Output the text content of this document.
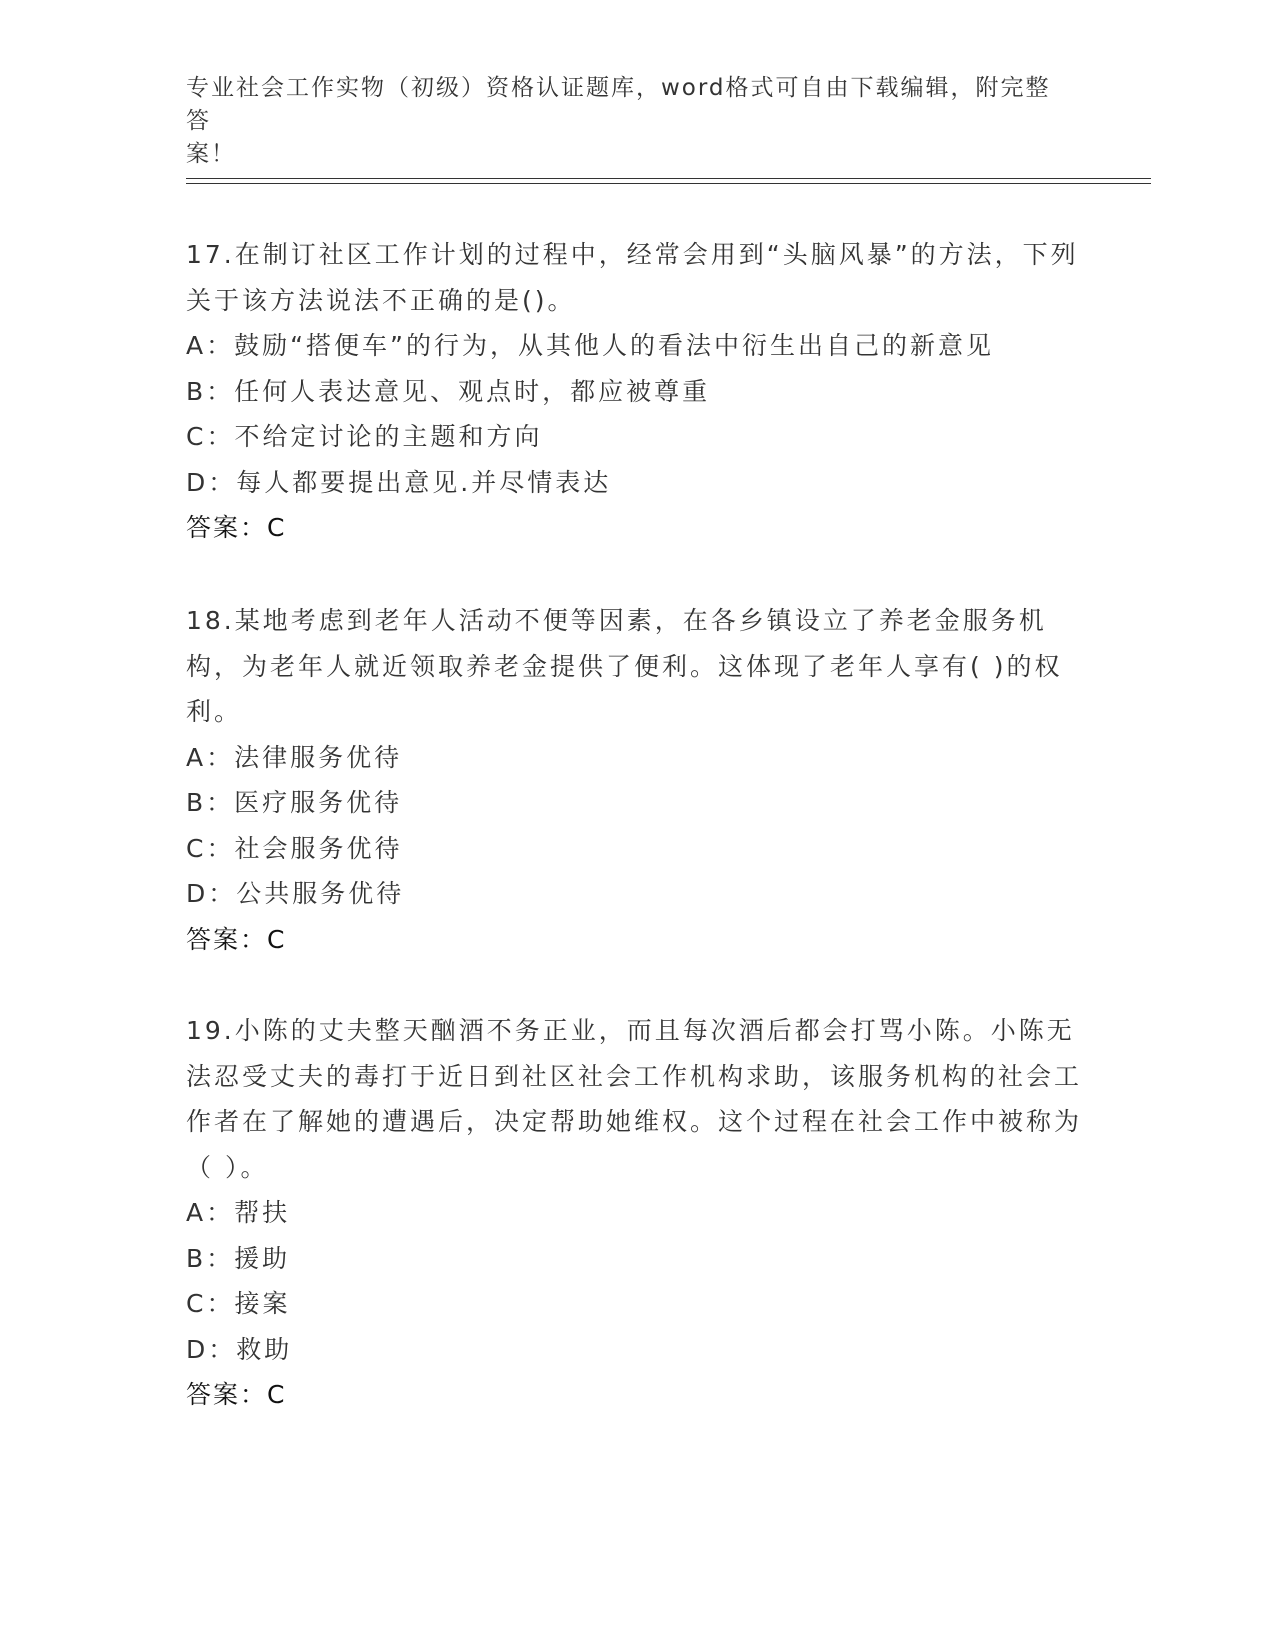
专业社会工作实物（初级）资格认证题库，word格式可自由下载编辑，附完整答
案！
17.在制订社区工作计划的过程中，经常会用到“头脑风暴”的方法，下列关于该方法说法不正确的是()。
A：鼓励“搭便车”的行为，从其他人的看法中衍生出自己的新意见
B：任何人表达意见、观点时，都应被尊重
C：不给定讨论的主题和方向
D：每人都要提出意见.并尽情表达
答案：C
18.某地考虑到老年人活动不便等因素，在各乡镇设立了养老金服务机构，为老年人就近领取养老金提供了便利。这体现了老年人享有( )的权利。
A：法律服务优待
B：医疗服务优待
C：社会服务优待
D：公共服务优待
答案：C
19.小陈的丈夫整天酗酒不务正业，而且每次酒后都会打骂小陈。小陈无法忍受丈夫的毒打于近日到社区社会工作机构求助，该服务机构的社会工作者在了解她的遭遇后，决定帮助她维权。这个过程在社会工作中被称为（ ）。
A：帮扶
B：援助
C：接案
D：救助
答案：C
